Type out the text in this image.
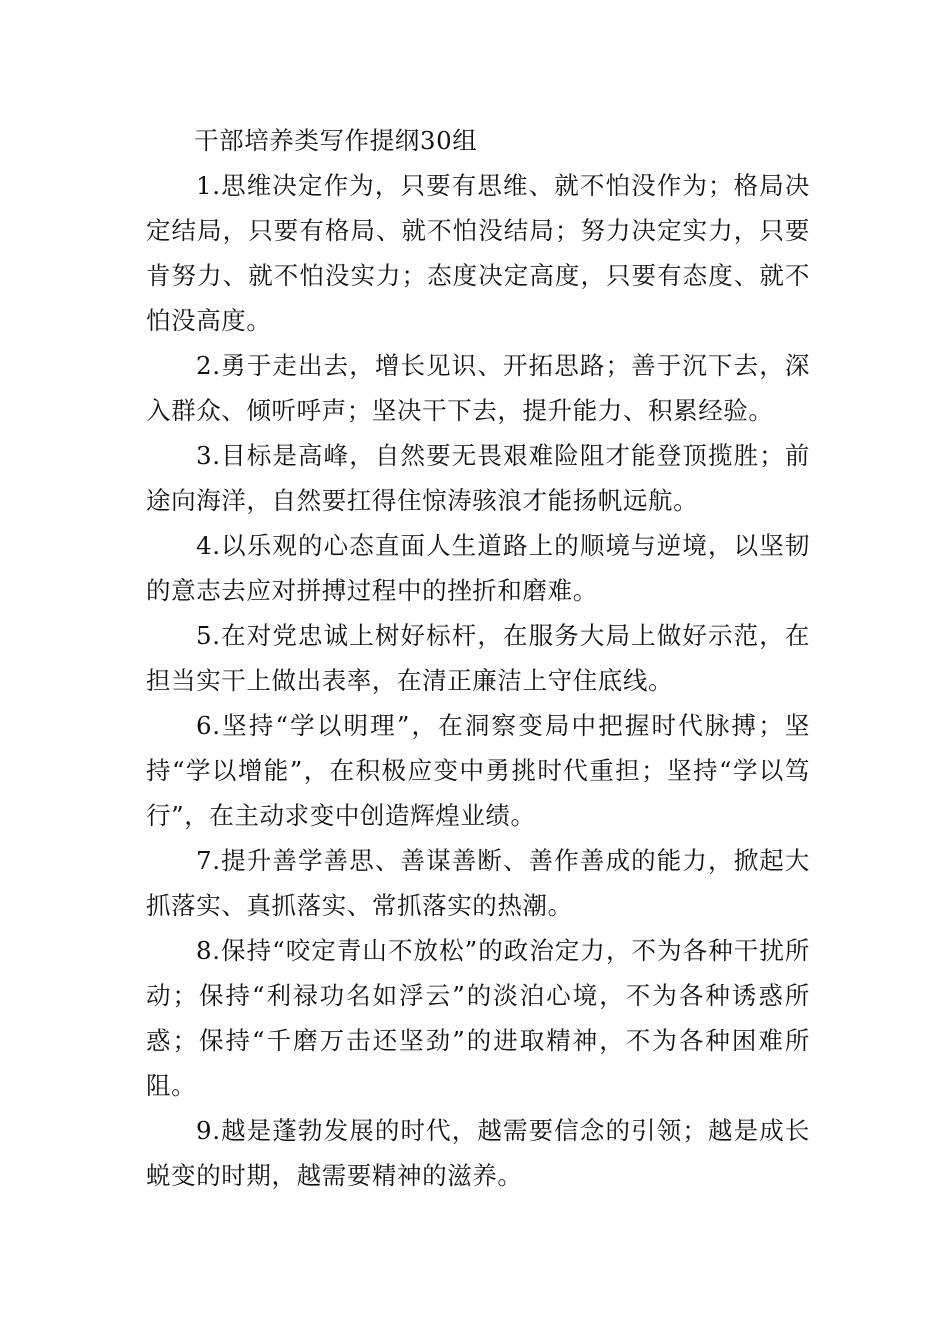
干部培养类写作提纲30组

1.思维决定作为，只要有思维、就不怕没作为；格局决定结局，只要有格局、就不怕没结局；努力决定实力，只要肯努力、就不怕没实力；态度决定高度，只要有态度、就不怕没高度。

2.勇于走出去，增长见识、开拓思路；善于沉下去，深入群众、倾听呼声；坚决干下去，提升能力、积累经验。

3.目标是高峰，自然要无畏艰难险阻才能登顶揽胜；前途向海洋，自然要扛得住惊涛骇浪才能扬帆远航。

4.以乐观的心态直面人生道路上的顺境与逆境，以坚韧的意志去应对拼搏过程中的挫折和磨难。

5.在对党忠诚上树好标杆，在服务大局上做好示范，在担当实干上做出表率，在清正廉洁上守住底线。

6.坚持“学以明理”，在洞察变局中把握时代脉搏；坚持“学以增能”，在积极应变中勇挑时代重担；坚持“学以笃行”，在主动求变中创造辉煌业绩。

7.提升善学善思、善谋善断、善作善成的能力，掀起大抓落实、真抓落实、常抓落实的热潮。

8.保持“咬定青山不放松”的政治定力，不为各种干扰所动；保持“利禄功名如浮云”的淡泊心境，不为各种诱惑所惑；保持“千磨万击还坚劲”的进取精神，不为各种困难所阻。

9.越是蓬勃发展的时代，越需要信念的引领；越是成长蜕变的时期，越需要精神的滋养。
